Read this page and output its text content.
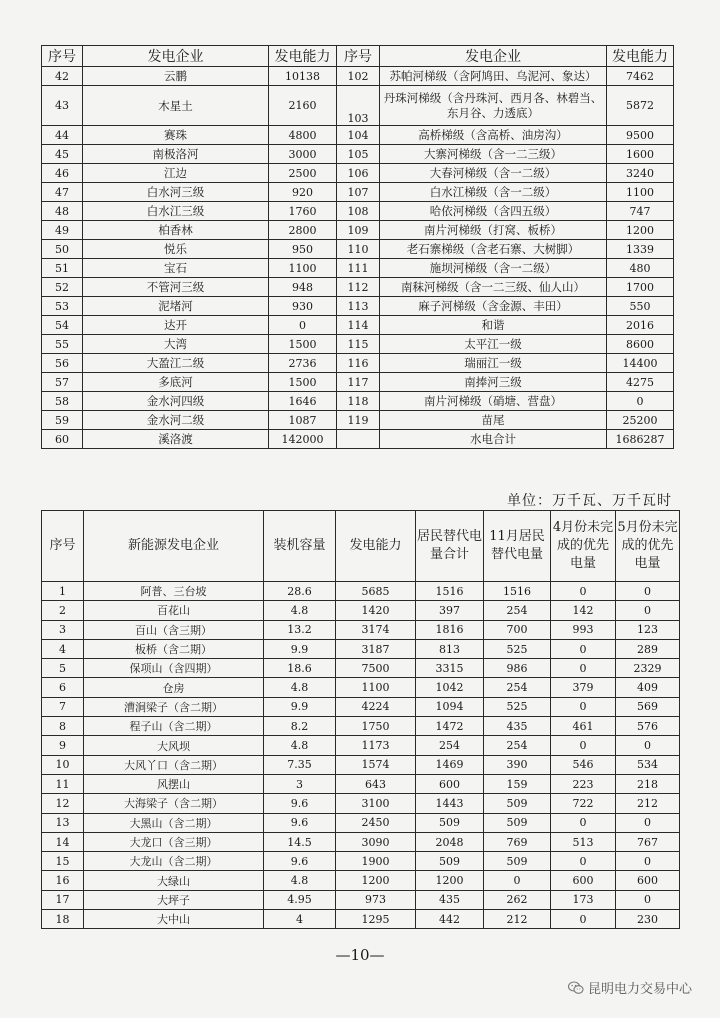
序号	发电企业	发电能力	序号	发电企业	发电能力
42	云鹏	10138	102	苏帕河梯级（含阿鸠田、乌泥河、象达）	7462
43	木星土	2160	103	丹珠河梯级（含丹珠河、西月各、林碧当、东月谷、力透底）	5872
44	赛珠	4800	104	高桥梯级（含高桥、油房沟）	9500
45	南极洛河	3000	105	大寨河梯级（含一二三级）	1600
46	江边	2500	106	大春河梯级（含一二级）	3240
47	白水河三级	920	107	白水江梯级（含一二级）	1100
48	白水江三级	1760	108	哈依河梯级（含四五级）	747
49	柏香林	2800	109	南片河梯级（打窝、板桥）	1200
50	悦乐	950	110	老石寨梯级（含老石寨、大树脚）	1339
51	宝石	1100	111	施坝河梯级（含一二级）	480
52	不管河三级	948	112	南秣河梯级（含一二三级、仙人山）	1700
53	泥堵河	930	113	麻子河梯级（含金源、丰田）	550
54	达开	0	114	和谐	2016
55	大湾	1500	115	太平江一级	8600
56	大盈江二级	2736	116	瑞丽江一级	14400
57	多底河	1500	117	南捧河三级	4275
58	金水河四级	1646	118	南片河梯级（硝塘、营盘）	0
59	金水河二级	1087	119	苗尾	25200
60	溪洛渡	142000		水电合计	1686287
单位：万千瓦、万千瓦时
序号	新能源发电企业	装机容量	发电能力	居民替代电量合计	11月居民替代电量	4月份未完成的优先电量	5月份未完成的优先电量
1	阿普、三台坡	28.6	5685	1516	1516	0	0
2	百花山	4.8	1420	397	254	142	0
3	百山（含三期）	13.2	3174	1816	700	993	123
4	板桥（含二期）	9.9	3187	813	525	0	289
5	保项山（含四期）	18.6	7500	3315	986	0	2329
6	仓房	4.8	1100	1042	254	379	409
7	漕涧梁子（含二期）	9.9	4224	1094	525	0	569
8	程子山（含二期）	8.2	1750	1472	435	461	576
9	大风坝	4.8	1173	254	254	0	0
10	大风丫口（含二期）	7.35	1574	1469	390	546	534
11	风摆山	3	643	600	159	223	218
12	大海梁子（含二期）	9.6	3100	1443	509	722	212
13	大黑山（含二期）	9.6	2450	509	509	0	0
14	大龙口（含三期）	14.5	3090	2048	769	513	767
15	大龙山（含二期）	9.6	1900	509	509	0	0
16	大绿山	4.8	1200	1200	0	600	600
17	大坪子	4.95	973	435	262	173	0
18	大中山	4	1295	442	212	0	230
—10—
昆明电力交易中心
